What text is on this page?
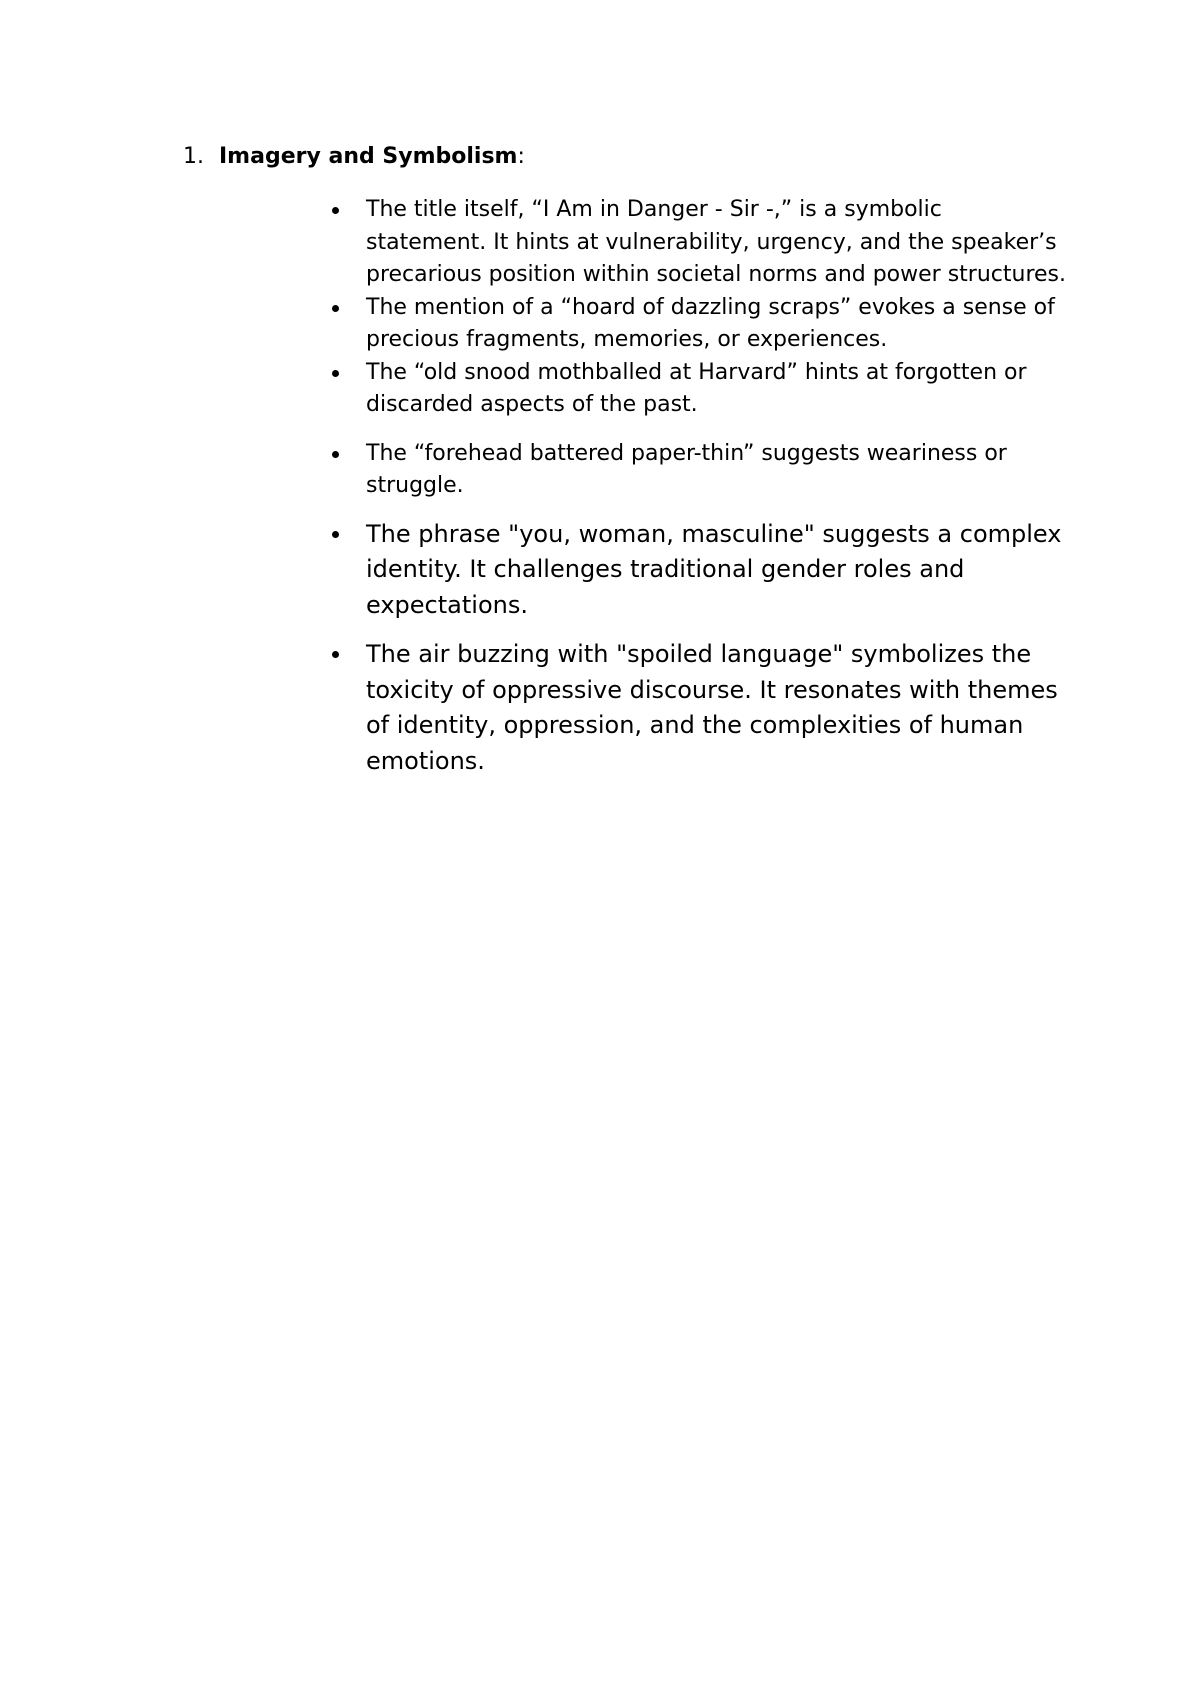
1. Imagery and Symbolism:
The title itself, “I Am in Danger - Sir -,” is a symbolic statement. It hints at vulnerability, urgency, and the speaker’s precarious position within societal norms and power structures.
The mention of a “hoard of dazzling scraps” evokes a sense of precious fragments, memories, or experiences.
The “old snood mothballed at Harvard” hints at forgotten or discarded aspects of the past.
The “forehead battered paper-thin” suggests weariness or struggle.
The phrase "you, woman, masculine" suggests a complex identity. It challenges traditional gender roles and expectations.
The air buzzing with "spoiled language" symbolizes the toxicity of oppressive discourse. It resonates with themes of identity, oppression, and the complexities of human emotions.
